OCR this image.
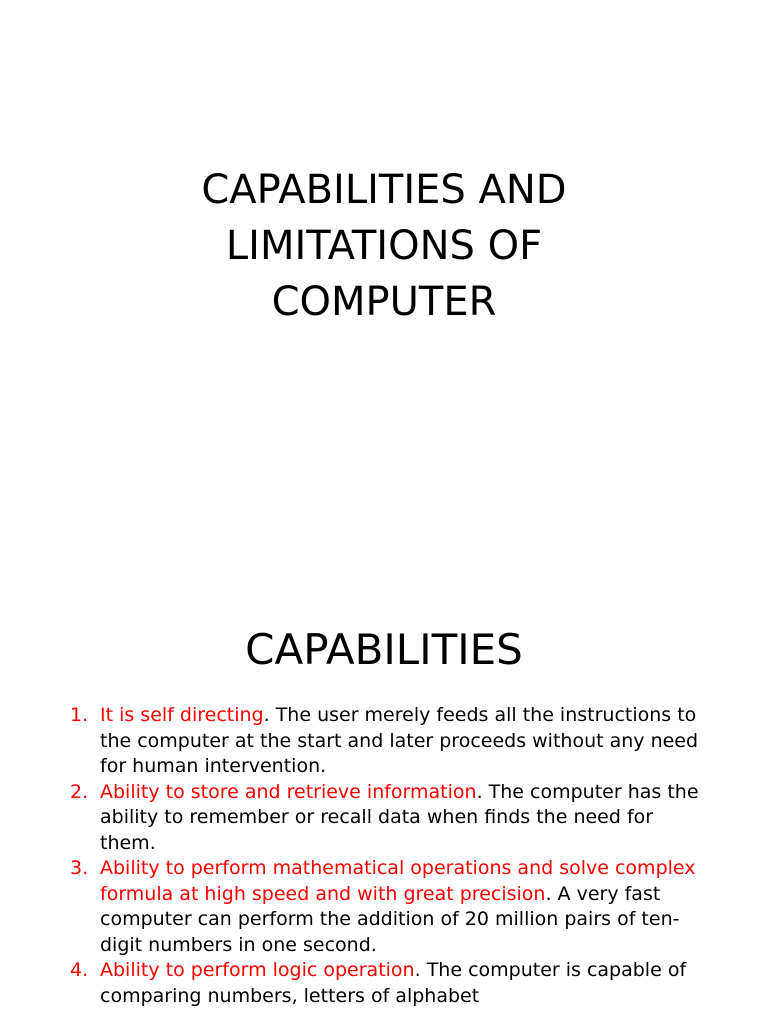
CAPABILITIES AND
LIMITATIONS OF
COMPUTER
CAPABILITIES
1. It is self directing. The user merely feeds all the instructions to the computer at the start and later proceeds without any need for human intervention.
2. Ability to store and retrieve information. The computer has the ability to remember or recall data when finds the need for them.
3. Ability to perform mathematical operations and solve complex formula at high speed and with great precision. A very fast computer can perform the addition of 20 million pairs of ten-digit numbers in one second.
4. Ability to perform logic operation. The computer is capable of comparing numbers, letters of alphabet
